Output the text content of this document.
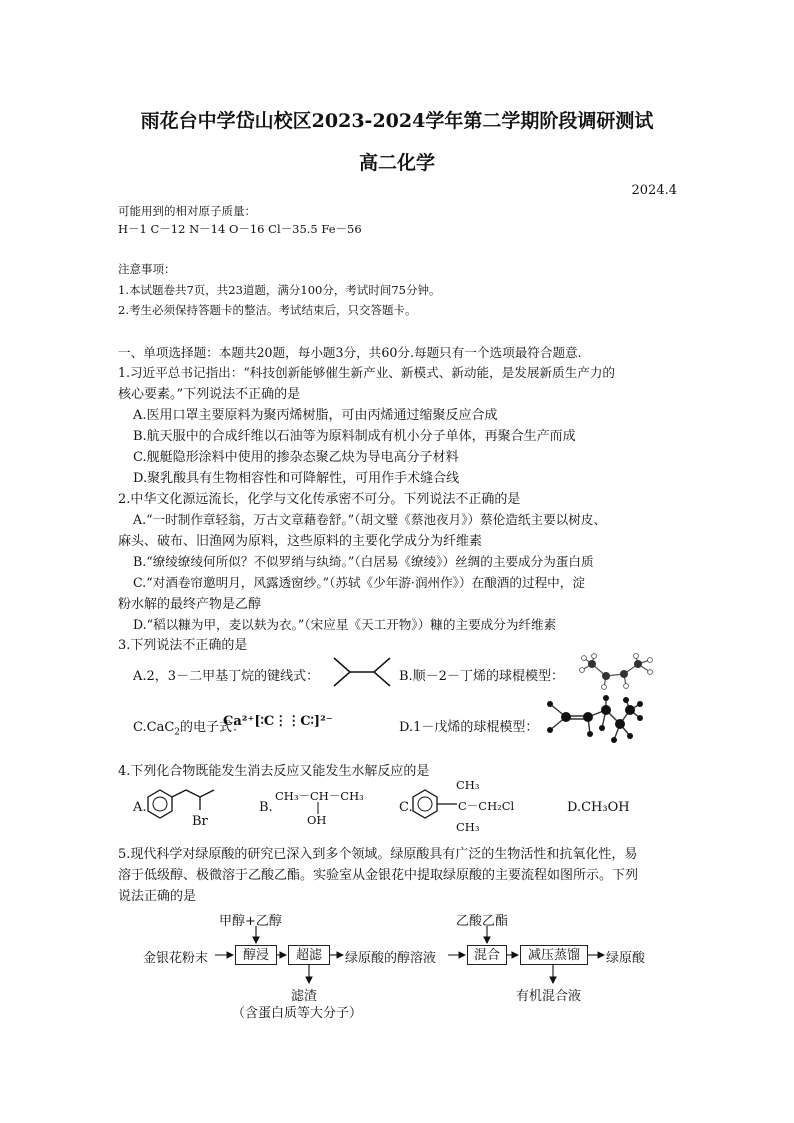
雨花台中学岱山校区2023-2024学年第二学期阶段调研测试
高二化学
2024.4
可能用到的相对原子质量：
H－1 C－12 N－14 O－16 Cl－35.5 Fe－56
注意事项：
1.本试题卷共7页，共23道题，满分100分，考试时间75分钟。
2.考生必须保持答题卡的整洁。考试结束后，只交答题卡。
一、单项选择题：本题共20题，每小题3分，共60分.每题只有一个选项最符合题意.
1.习近平总书记指出：“科技创新能够催生新产业、新模式、新动能，是发展新质生产力的
核心要素。”下列说法不正确的是
A.医用口罩主要原料为聚丙烯树脂，可由丙烯通过缩聚反应合成
B.航天服中的合成纤维以石油等为原料制成有机小分子单体，再聚合生产而成
C.舰艇隐形涂料中使用的掺杂态聚乙炔为导电高分子材料
D.聚乳酸具有生物相容性和可降解性，可用作手术缝合线
2.中华文化源远流长，化学与文化传承密不可分。下列说法不正确的是
A.“一时制作章轻翁，万古文章藉卷舒。”（胡文璧《蔡池夜月》）蔡伦造纸主要以树皮、
麻头、破布、旧渔网为原料，这些原料的主要化学成分为纤维素
B.“缭绫缭绫何所似？不似罗绡与纨绮。”（白居易《缭绫》）丝绸的主要成分为蛋白质
C.“对酒卷帘邀明月，风露透窗纱。”（苏轼《少年游·润州作》）在酿酒的过程中，淀
粉水解的最终产物是乙醇
D.“稻以糠为甲，麦以麸为衣。”（宋应星《天工开物》）糠的主要成分为纤维素
3.下列说法不正确的是
A.2，3－二甲基丁烷的键线式：	B.顺－2－丁烯的球棍模型：
C.CaC$_2$的电子式：
Ca²⁺[∶C⋮⋮C∶]²⁻	D.1－戊烯的球棍模型：
4.下列化合物既能发生消去反应又能发生水解反应的是
A.
Br
B.
CH₃－CH－CH₃
OH
C.
CH₃
C－CH₂Cl
CH₃
D.CH₃OH
5.现代科学对绿原酸的研究已深入到多个领域。绿原酸具有广泛的生物活性和抗氧化性，易
溶于低级醇、极微溶于乙酸乙酯。实验室从金银花中提取绿原酸的主要流程如图所示。下列
说法正确的是
甲醇+乙醇
金银花粉末	醇浸	超滤	绿原酸的醇溶液
乙酸乙酯
混合	减压蒸馏	绿原酸
滤渣
（含蛋白质等大分子）
有机混合液
